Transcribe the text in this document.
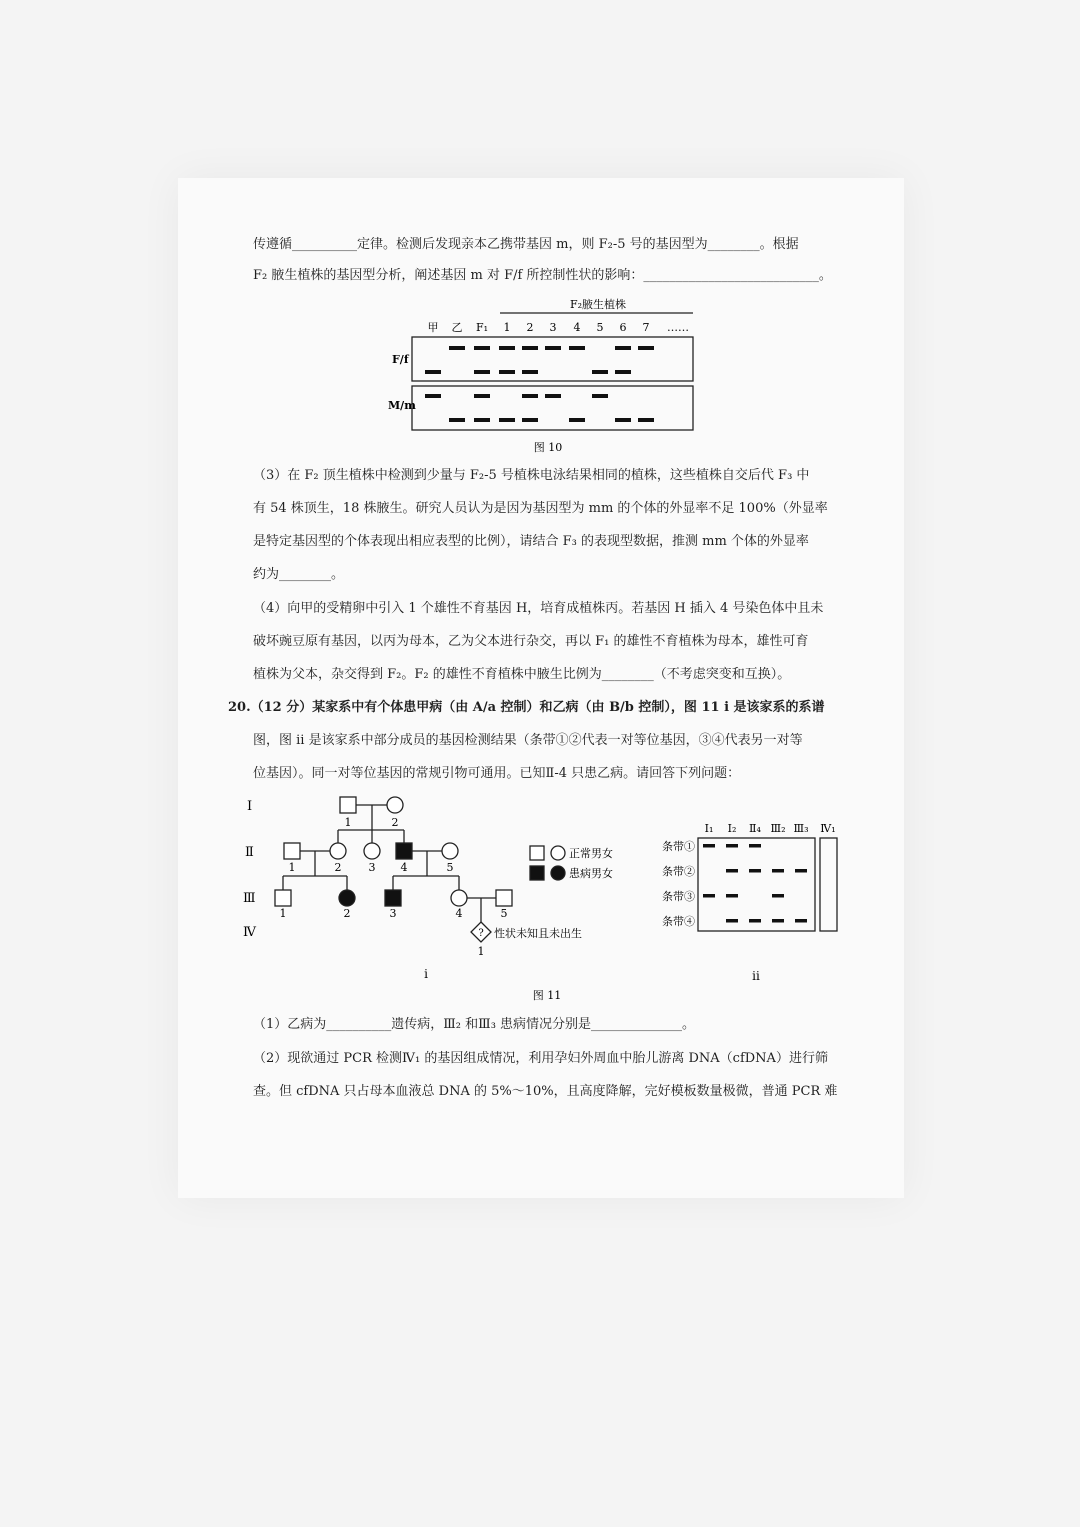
传遵循__________定律。检测后发现亲本乙携带基因 m，则 F₂-5 号的基因型为________。根据
F₂ 腋生植株的基因型分析，阐述基因 m 对 F/f 所控制性状的影响：___________________________。
F₂腋生植株
甲 乙 F₁ 1 2 3 4 5 6 7 ……
F/f
M/m
图 10
（3）在 F₂ 顶生植株中检测到少量与 F₂-5 号植株电泳结果相同的植株，这些植株自交后代 F₃ 中
有 54 株顶生，18 株腋生。研究人员认为是因为基因型为 mm 的个体的外显率不足 100%（外显率
是特定基因型的个体表现出相应表型的比例），请结合 F₃ 的表现型数据，推测 mm 个体的外显率
约为________。
（4）向甲的受精卵中引入 1 个雄性不育基因 H，培育成植株丙。若基因 H 插入 4 号染色体中且未
破坏豌豆原有基因，以丙为母本，乙为父本进行杂交，再以 F₁ 的雄性不育植株为母本，雄性可育
植株为父本，杂交得到 F₂。F₂ 的雄性不育植株中腋生比例为________（不考虑突变和互换）。
20.（12 分）某家系中有个体患甲病（由 A/a 控制）和乙病（由 B/b 控制），图 11 ⅰ 是该家系的系谱
图，图 ⅱ 是该家系中部分成员的基因检测结果（条带①②代表一对等位基因，③④代表另一对等
位基因）。同一对等位基因的常规引物可通用。已知Ⅱ-4 只患乙病。请回答下列问题：
Ⅰ
Ⅱ
Ⅲ
Ⅳ	?
1	2
1	2 3 4	5
1	2	3	4	5
1
性状未知且未出生
正常男女
患病男女
Ⅰ₁ Ⅰ₂ Ⅱ₄ Ⅲ₂ Ⅲ₃ Ⅳ₁
条带①
条带②
条带③
条带④
i	ii
图 11
（1）乙病为__________遗传病，Ⅲ₂ 和Ⅲ₃ 患病情况分别是______________。
（2）现欲通过 PCR 检测Ⅳ₁ 的基因组成情况，利用孕妇外周血中胎儿游离 DNA（cfDNA）进行筛
查。但 cfDNA 只占母本血液总 DNA 的 5%～10%，且高度降解，完好模板数量极微，普通 PCR 难
